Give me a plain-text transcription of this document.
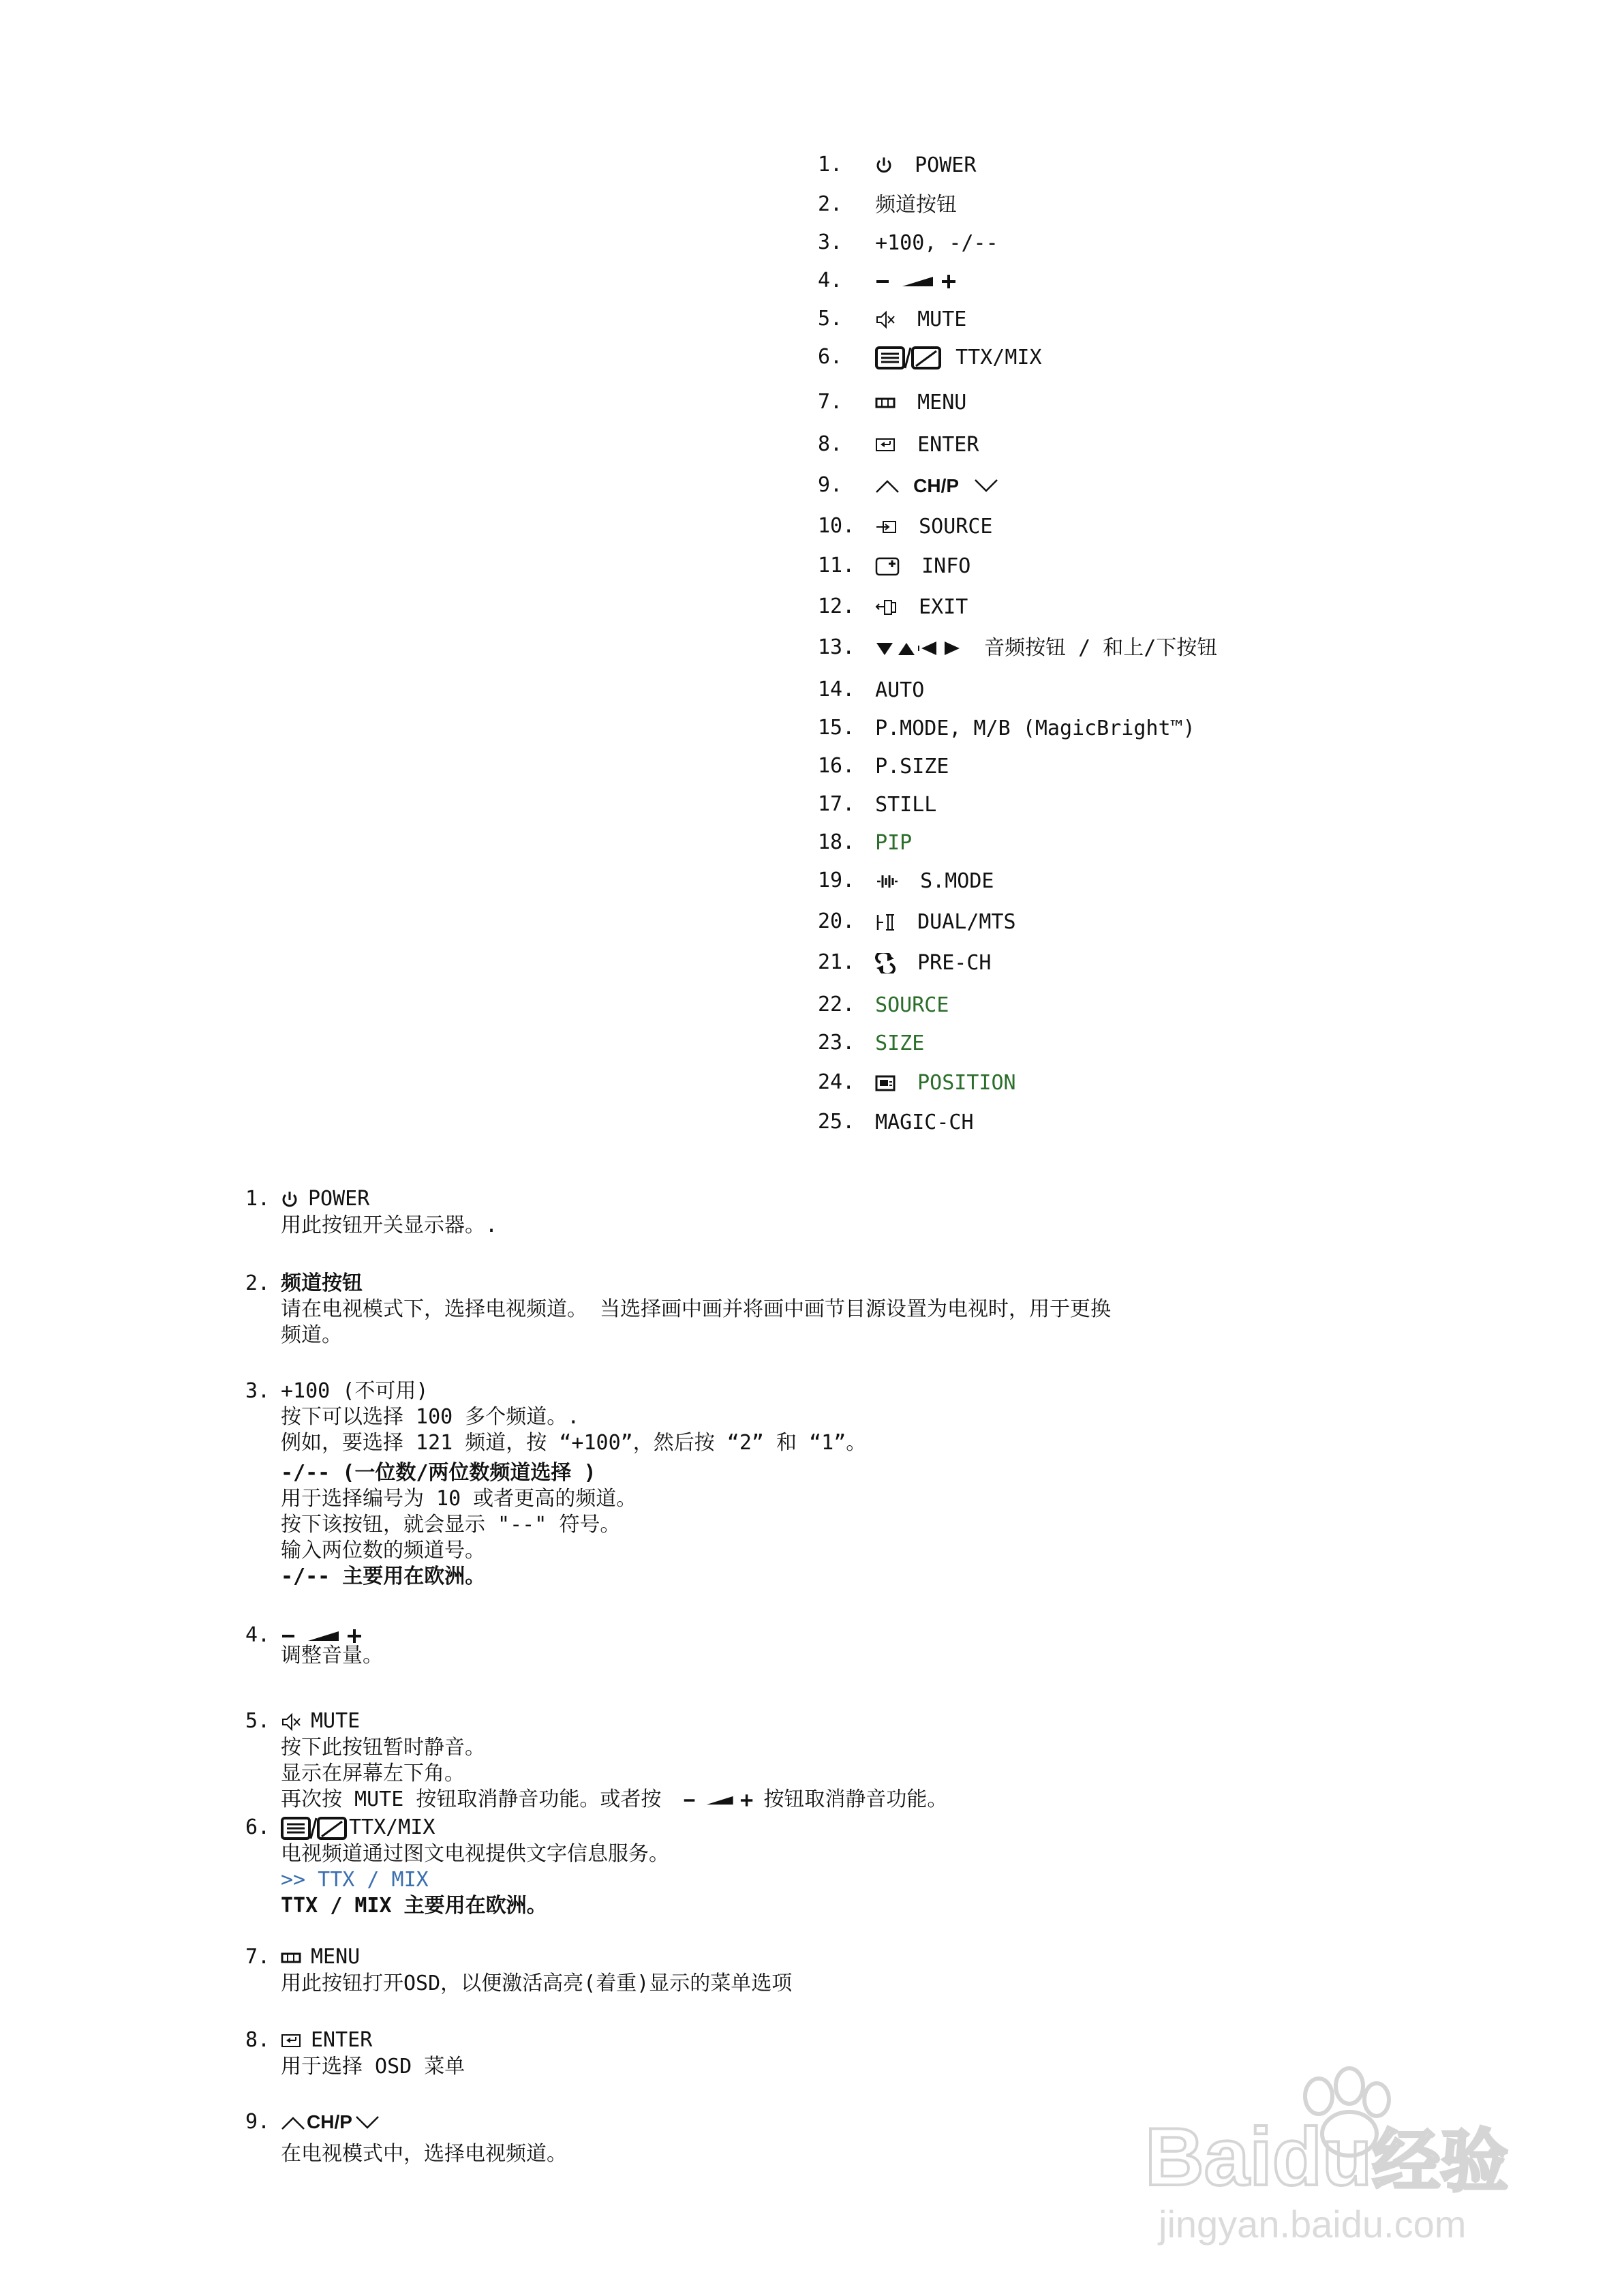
1.	POWER
2. 频道按钮
3. +100, -/--
4.
5.	MUTE
6.	TTX/MIX
7.	MENU
8.	ENTER
9.	CH/P
10.	SOURCE
11.	INFO
12.	EXIT
13.	音频按钮 / 和上/下按钮
14. AUTO
15. P.MODE, M/B (MagicBright™)
16. P.SIZE
17. STILL
18. PIP
19.	S.MODE
20.	DUAL/MTS
21.	PRE-CH
22. SOURCE
23. SIZE
24.	POSITION
25. MAGIC-CH
1.	POWER
用此按钮开关显示器。.
2. 频道按钮
请在电视模式下，选择电视频道。 当选择画中画并将画中画节目源设置为电视时，用于更换
频道。
3. +100 (不可用)
按下可以选择 100 多个频道。.
例如，要选择 121 频道，按 “+100”，然后按 “2” 和 “1”。
-/-- (一位数/两位数频道选择 )
用于选择编号为 10 或者更高的频道。
按下该按钮，就会显示 "--" 符号。
输入两位数的频道号。
-/-- 主要用在欧洲。
4.
调整音量。
5.	MUTE
按下此按钮暂时静音。
显示在屏幕左下角。
再次按 MUTE 按钮取消静音功能。或者按	按钮取消静音功能。
6.	TTX/MIX
电视频道通过图文电视提供文字信息服务。
>> TTX / MIX
TTX / MIX 主要用在欧洲。
7.	MENU
用此按钮打开OSD，以便激活高亮(着重)显示的菜单选项
8.	ENTER
用于选择 OSD 菜单
9.	CH/P
在电视模式中，选择电视频道。	Baidu经验
jingyan.baidu.com
